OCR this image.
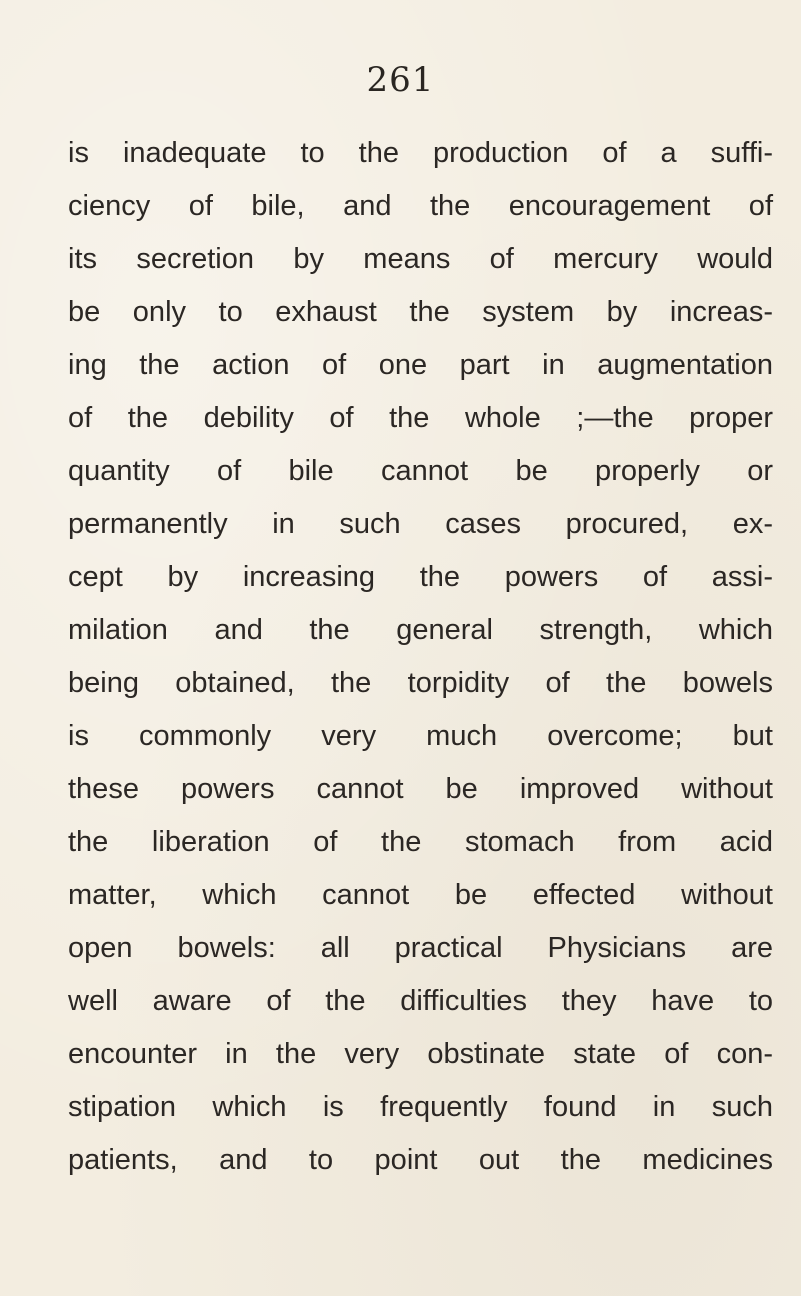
261
is inadequate to the production of a suffi-
ciency of bile, and the encouragement of
its secretion by means of mercury would
be only to exhaust the system by increas-
ing the action of one part in augmentation
of the debility of the whole ;—the proper
quantity of bile cannot be properly or
permanently in such cases procured, ex-
cept by increasing the powers of assi-
milation and the general strength, which
being obtained, the torpidity of the bowels
is commonly very much overcome; but
these powers cannot be improved without
the liberation of the stomach from acid
matter, which cannot be effected without
open bowels: all practical Physicians are
well aware of the difficulties they have to
encounter in the very obstinate state of con-
stipation which is frequently found in such
patients, and to point out the medicines
